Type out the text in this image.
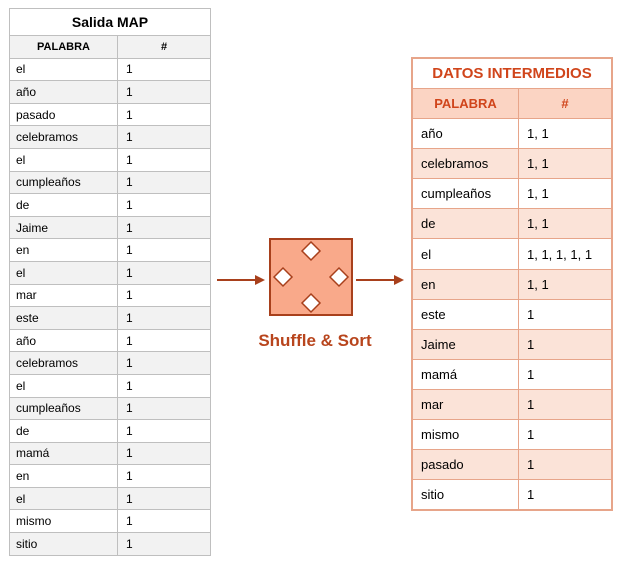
Salida MAP	
PALABRA	#
el	1
año	1
pasado	1
celebramos	1
el	1
cumpleaños	1
de	1
Jaime	1
en	1
el	1
mar	1
este	1
año	1
celebramos	1
el	1
cumpleaños	1
de	1
mamá	1
en	1
el	1
mismo	1
sitio	1
Shuffle & Sort
DATOS INTERMEDIOS	
PALABRA	#
año	1, 1
celebramos	1, 1
cumpleaños	1, 1
de	1, 1
el	1, 1, 1, 1, 1
en	1, 1
este	1
Jaime	1
mamá	1
mar	1
mismo	1
pasado	1
sitio	1
